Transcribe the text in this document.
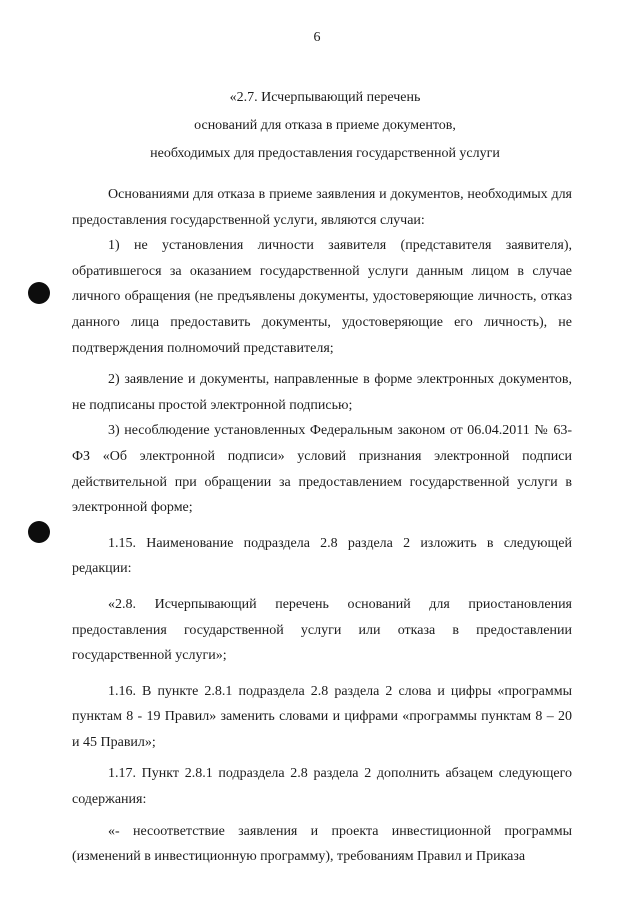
6
«2.7. Исчерпывающий перечень
оснований для отказа в приеме документов,
необходимых для предоставления государственной услуги

Основаниями для отказа в приеме заявления и документов, необходимых для предоставления государственной услуги, являются случаи:

1) не установления личности заявителя (представителя заявителя), обратившегося за оказанием государственной услуги данным лицом в случае личного обращения (не предъявлены документы, удостоверяющие личность, отказ данного лица предоставить документы, удостоверяющие его личность), не подтверждения полномочий представителя;

2) заявление и документы, направленные в форме электронных документов, не подписаны простой электронной подписью;

3) несоблюдение установленных Федеральным законом от 06.04.2011 № 63-ФЗ «Об электронной подписи» условий признания электронной подписи действительной при обращении за предоставлением государственной услуги в электронной форме;

1.15. Наименование подраздела 2.8 раздела 2 изложить в следующей редакции:

«2.8. Исчерпывающий перечень оснований для приостановления предоставления государственной услуги или отказа в предоставлении государственной услуги»;

1.16. В пункте 2.8.1 подраздела 2.8 раздела 2 слова и цифры «программы пунктам 8 - 19 Правил» заменить словами и цифрами «программы пунктам 8 – 20 и 45 Правил»;

1.17. Пункт 2.8.1 подраздела 2.8 раздела 2 дополнить абзацем следующего содержания:

«- несоответствие заявления и проекта инвестиционной программы (изменений в инвестиционную программу), требованиям Правил и Приказа
